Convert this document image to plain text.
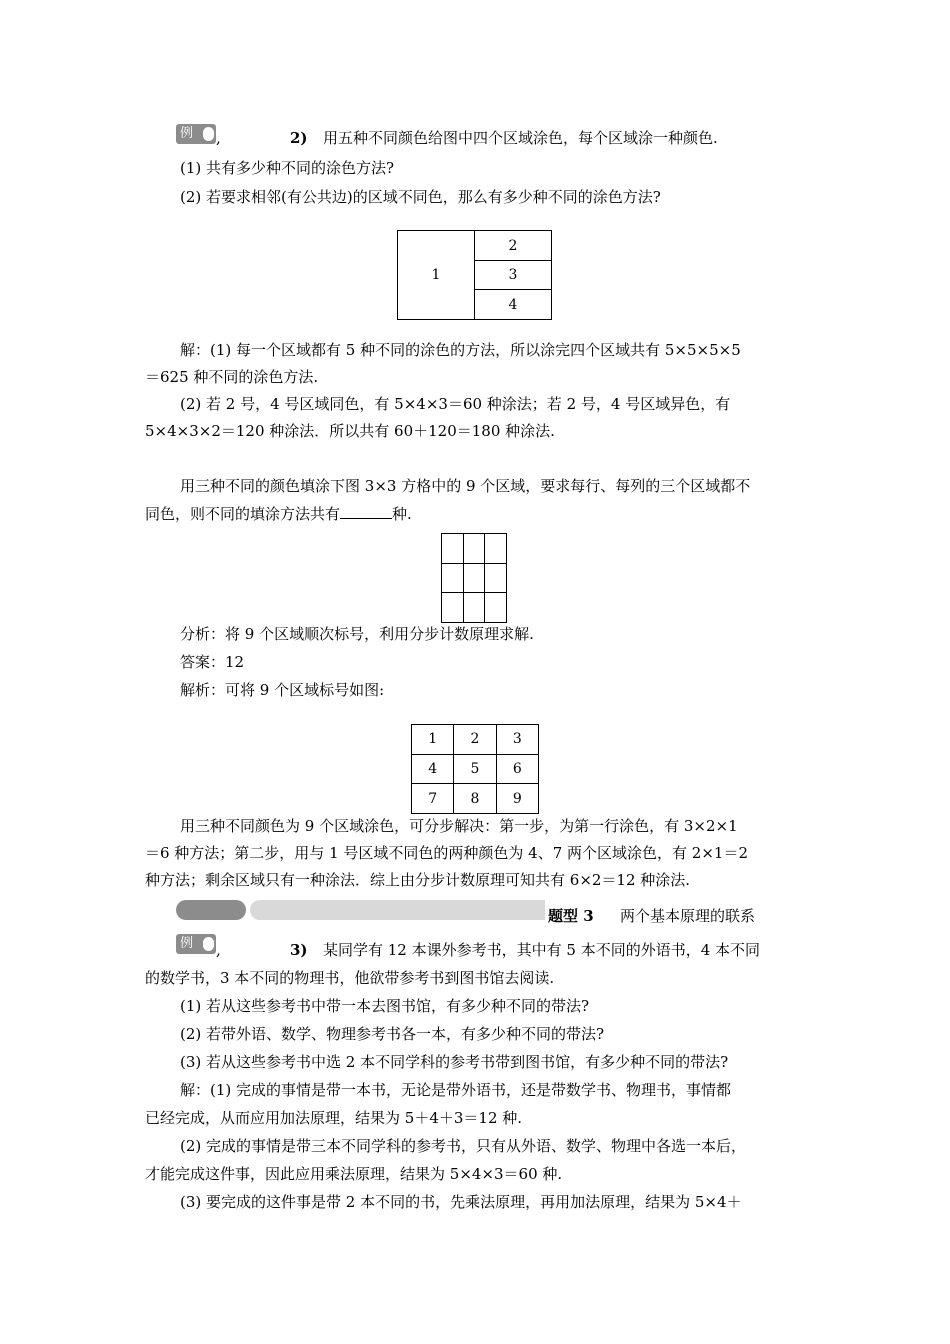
例	,	2) 用五种不同颜色给图中四个区域涂色，每个区域涂一种颜色.
(1) 共有多少种不同的涂色方法?
(2) 若要求相邻(有公共边)的区域不同色，那么有多少种不同的涂色方法?
1
2
3
4
解：(1) 每一个区域都有 5 种不同的涂色的方法，所以涂完四个区域共有 5×5×5×5
＝625 种不同的涂色方法.
(2) 若 2 号，4 号区域同色，有 5×4×3＝60 种涂法；若 2 号，4 号区域异色，有
5×4×3×2＝120 种涂法．所以共有 60＋120＝180 种涂法.
用三种不同的颜色填涂下图 3×3 方格中的 9 个区域，要求每行、每列的三个区域都不
同色，则不同的填涂方法共有	种.

分析：将 9 个区域顺次标号，利用分步计数原理求解.
答案：12
解析：可将 9 个区域标号如图:
1	2	3
4	5	6
7	8	9
用三种不同颜色为 9 个区域涂色，可分步解决：第一步，为第一行涂色，有 3×2×1
＝6 种方法；第二步，用与 1 号区域不同色的两种颜色为 4、7 两个区域涂色，有 2×1＝2
种方法；剩余区域只有一种涂法．综上由分步计数原理可知共有 6×2＝12 种涂法.
题型 3 两个基本原理的联系
例	,	3) 某同学有 12 本课外参考书，其中有 5 本不同的外语书，4 本不同
的数学书，3 本不同的物理书，他欲带参考书到图书馆去阅读.
(1) 若从这些参考书中带一本去图书馆，有多少种不同的带法?
(2) 若带外语、数学、物理参考书各一本，有多少种不同的带法?
(3) 若从这些参考书中选 2 本不同学科的参考书带到图书馆，有多少种不同的带法?
解：(1) 完成的事情是带一本书，无论是带外语书，还是带数学书、物理书，事情都
已经完成，从而应用加法原理，结果为 5＋4＋3＝12 种.
(2) 完成的事情是带三本不同学科的参考书，只有从外语、数学、物理中各选一本后，
才能完成这件事，因此应用乘法原理，结果为 5×4×3＝60 种.
(3) 要完成的这件事是带 2 本不同的书，先乘法原理，再用加法原理，结果为 5×4＋
